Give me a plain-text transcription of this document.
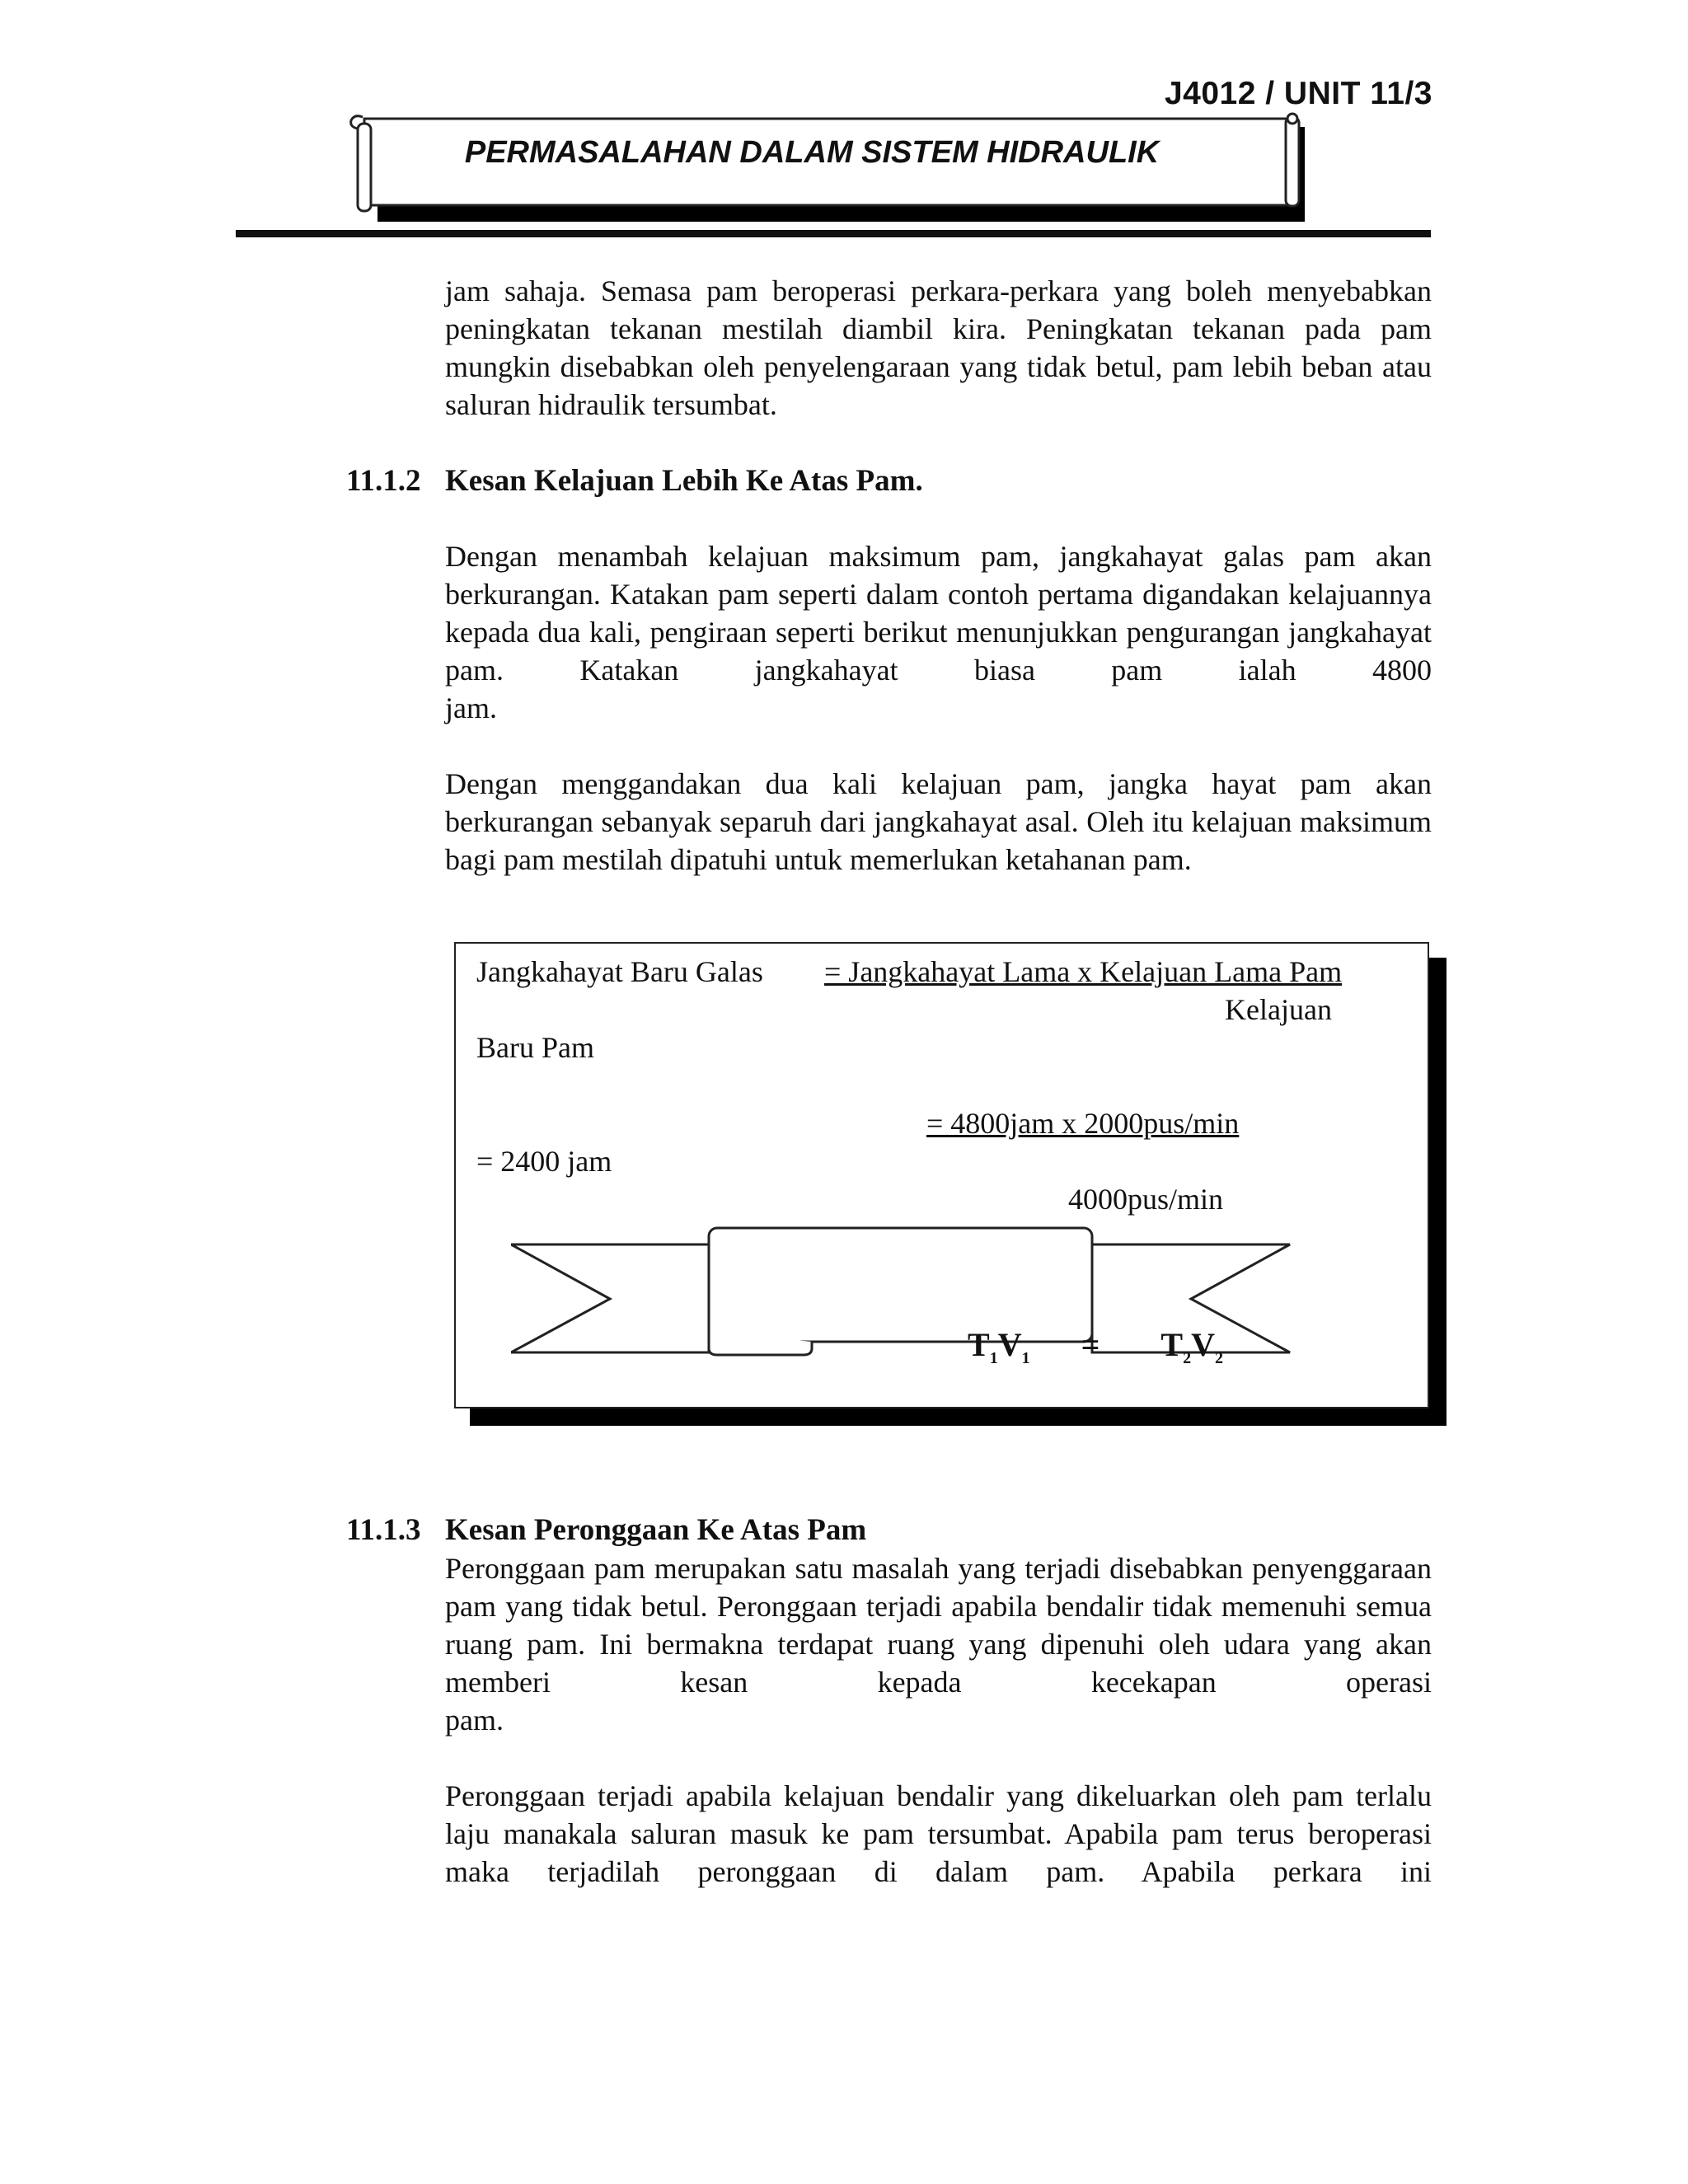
J4012 / UNIT 11/3
PERMASALAHAN DALAM SISTEM HIDRAULIK
jam sahaja. Semasa pam beroperasi perkara-perkara yang boleh menyebabkan peningkatan tekanan mestilah diambil kira. Peningkatan tekanan pada pam mungkin disebabkan oleh penyelengaraan yang tidak betul, pam lebih beban atau saluran hidraulik tersumbat.
11.1.2 Kesan Kelajuan Lebih Ke Atas Pam.
Dengan menambah kelajuan maksimum pam, jangkahayat galas pam akan berkurangan. Katakan pam seperti dalam contoh pertama digandakan kelajuannya kepada dua kali, pengiraan seperti berikut menunjukkan pengurangan jangkahayat pam. Katakan jangkahayat biasa pam ialah 4800
jam.
Dengan menggandakan dua kali kelajuan pam, jangka hayat pam akan berkurangan sebanyak separuh dari jangkahayat asal. Oleh itu kelajuan maksimum bagi pam mestilah dipatuhi untuk memerlukan ketahanan pam.
Jangkahayat Baru Galas = Jangkahayat Lama x Kelajuan Lama Pam
Kelajuan
Baru Pam
= 4800jam x 2000pus/min
= 2400 jam
4000pus/min
$T_1V_1 = T_2V_2$
11.1.3 Kesan Peronggaan Ke Atas Pam
Peronggaan pam merupakan satu masalah yang terjadi disebabkan penyenggaraan pam yang tidak betul. Peronggaan terjadi apabila bendalir tidak memenuhi semua ruang pam. Ini bermakna terdapat ruang yang dipenuhi oleh udara yang akan memberi kesan kepada kecekapan operasi
pam.
Peronggaan terjadi apabila kelajuan bendalir yang dikeluarkan oleh pam terlalu laju manakala saluran masuk ke pam tersumbat. Apabila pam terus beroperasi maka terjadilah peronggaan di dalam pam. Apabila perkara ini
